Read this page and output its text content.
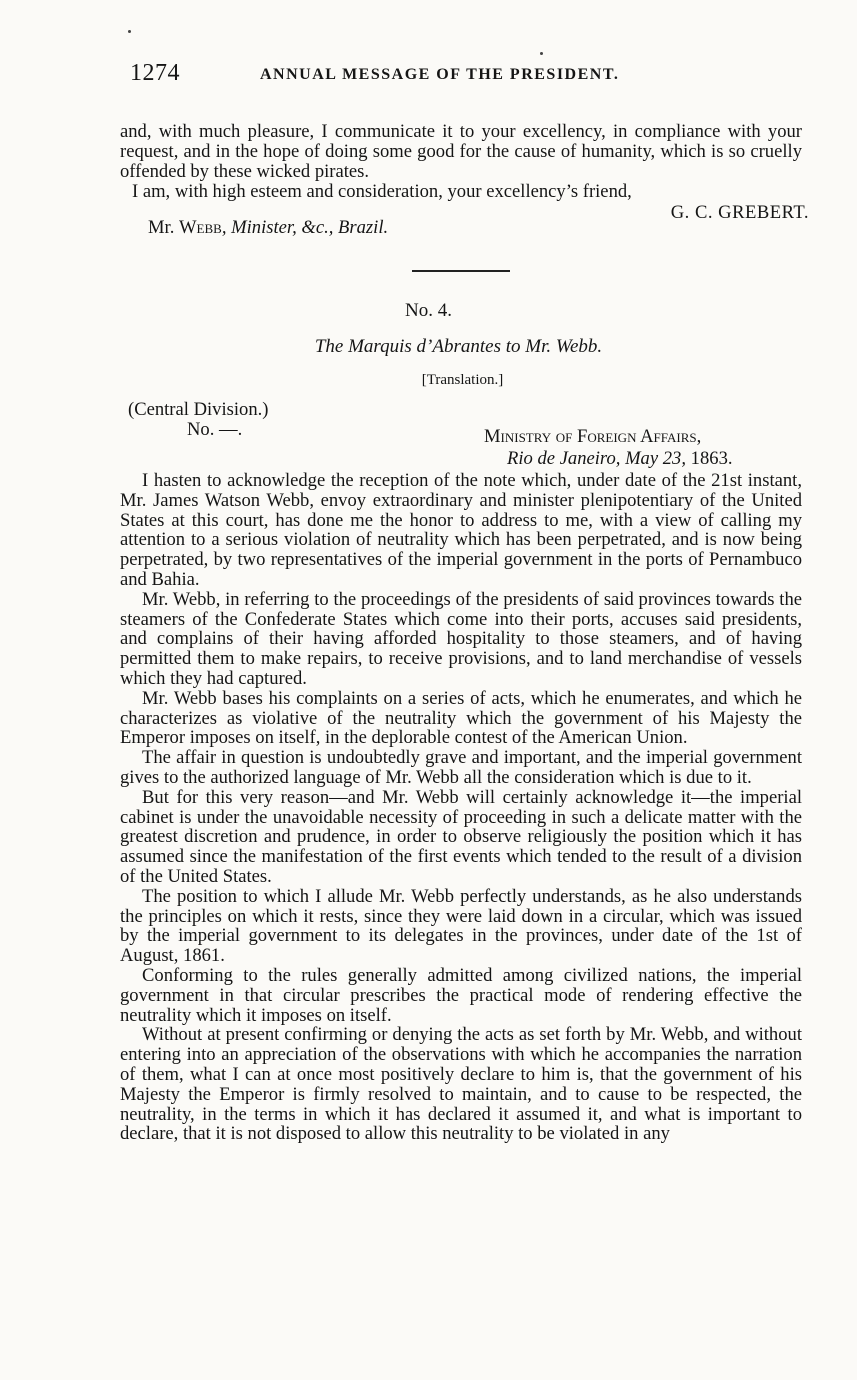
1274	ANNUAL MESSAGE OF THE PRESIDENT.

and, with much pleasure, I communicate it to your excellency, in compliance with your request, and in the hope of doing some good for the cause of humanity, which is so cruelly offended by these wicked pirates.

I am, with high esteem and consideration, your excellency’s friend,
G. C. GREBERT.
Mr. Webb, Minister, &c., Brazil.
No. 4.
The Marquis d’Abrantes to Mr. Webb.
[Translation.]
(Central Division.)
No. —.	Ministry of Foreign Affairs,
Rio de Janeiro, May 23, 1863.

I hasten to acknowledge the reception of the note which, under date of the 21st instant, Mr. James Watson Webb, envoy extraordinary and minister plenipotentiary of the United States at this court, has done me the honor to address to me, with a view of calling my attention to a serious violation of neutrality which has been perpetrated, and is now being perpetrated, by two representatives of the imperial government in the ports of Pernambuco and Bahia.

Mr. Webb, in referring to the proceedings of the presidents of said provinces towards the steamers of the Confederate States which come into their ports, accuses said presidents, and complains of their having afforded hospitality to those steamers, and of having permitted them to make repairs, to receive provisions, and to land merchandise of vessels which they had captured.

Mr. Webb bases his complaints on a series of acts, which he enumerates, and which he characterizes as violative of the neutrality which the government of his Majesty the Emperor imposes on itself, in the deplorable contest of the American Union.

The affair in question is undoubtedly grave and important, and the imperial government gives to the authorized language of Mr. Webb all the consideration which is due to it.

But for this very reason—and Mr. Webb will certainly acknowledge it—the imperial cabinet is under the unavoidable necessity of proceeding in such a delicate matter with the greatest discretion and prudence, in order to observe religiously the position which it has assumed since the manifestation of the first events which tended to the result of a division of the United States.

The position to which I allude Mr. Webb perfectly understands, as he also understands the principles on which it rests, since they were laid down in a circular, which was issued by the imperial government to its delegates in the provinces, under date of the 1st of August, 1861.

Conforming to the rules generally admitted among civilized nations, the imperial government in that circular prescribes the practical mode of rendering effective the neutrality which it imposes on itself.

Without at present confirming or denying the acts as set forth by Mr. Webb, and without entering into an appreciation of the observations with which he accompanies the narration of them, what I can at once most positively declare to him is, that the government of his Majesty the Emperor is firmly resolved to maintain, and to cause to be respected, the neutrality, in the terms in which it has declared it assumed it, and what is important to declare, that it is not disposed to allow this neutrality to be violated in any
